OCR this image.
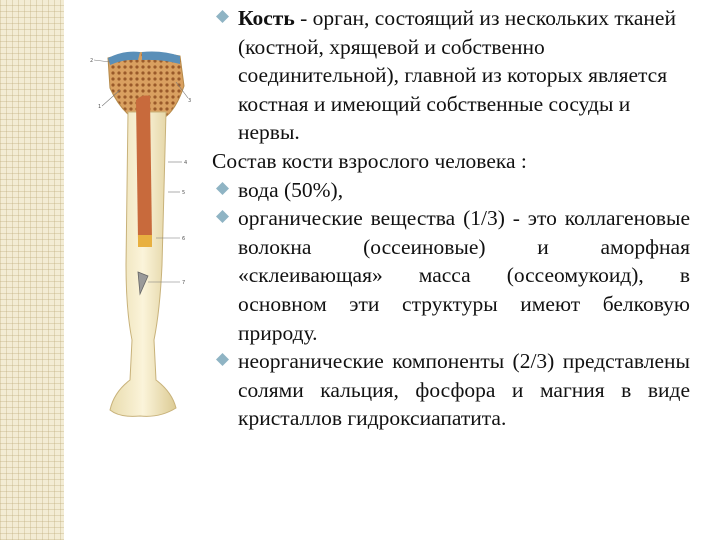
2
1
3
4
5
6
7
Кость - орган, состоящий из нескольких тканей (костной, хрящевой и собственно соединительной), главной из которых является костная и имеющий собственные сосуды и нервы.
Состав кости взрослого человека :
вода (50%),
органические вещества (1/3) - это коллагеновые волокна (оссеиновые) и аморфная «склеивающая» масса (оссеомукоид), в основном эти структуры имеют белковую природу.
неорганические компоненты (2/3) представлены солями кальция, фосфора и магния в виде кристаллов гидроксиапатита.
